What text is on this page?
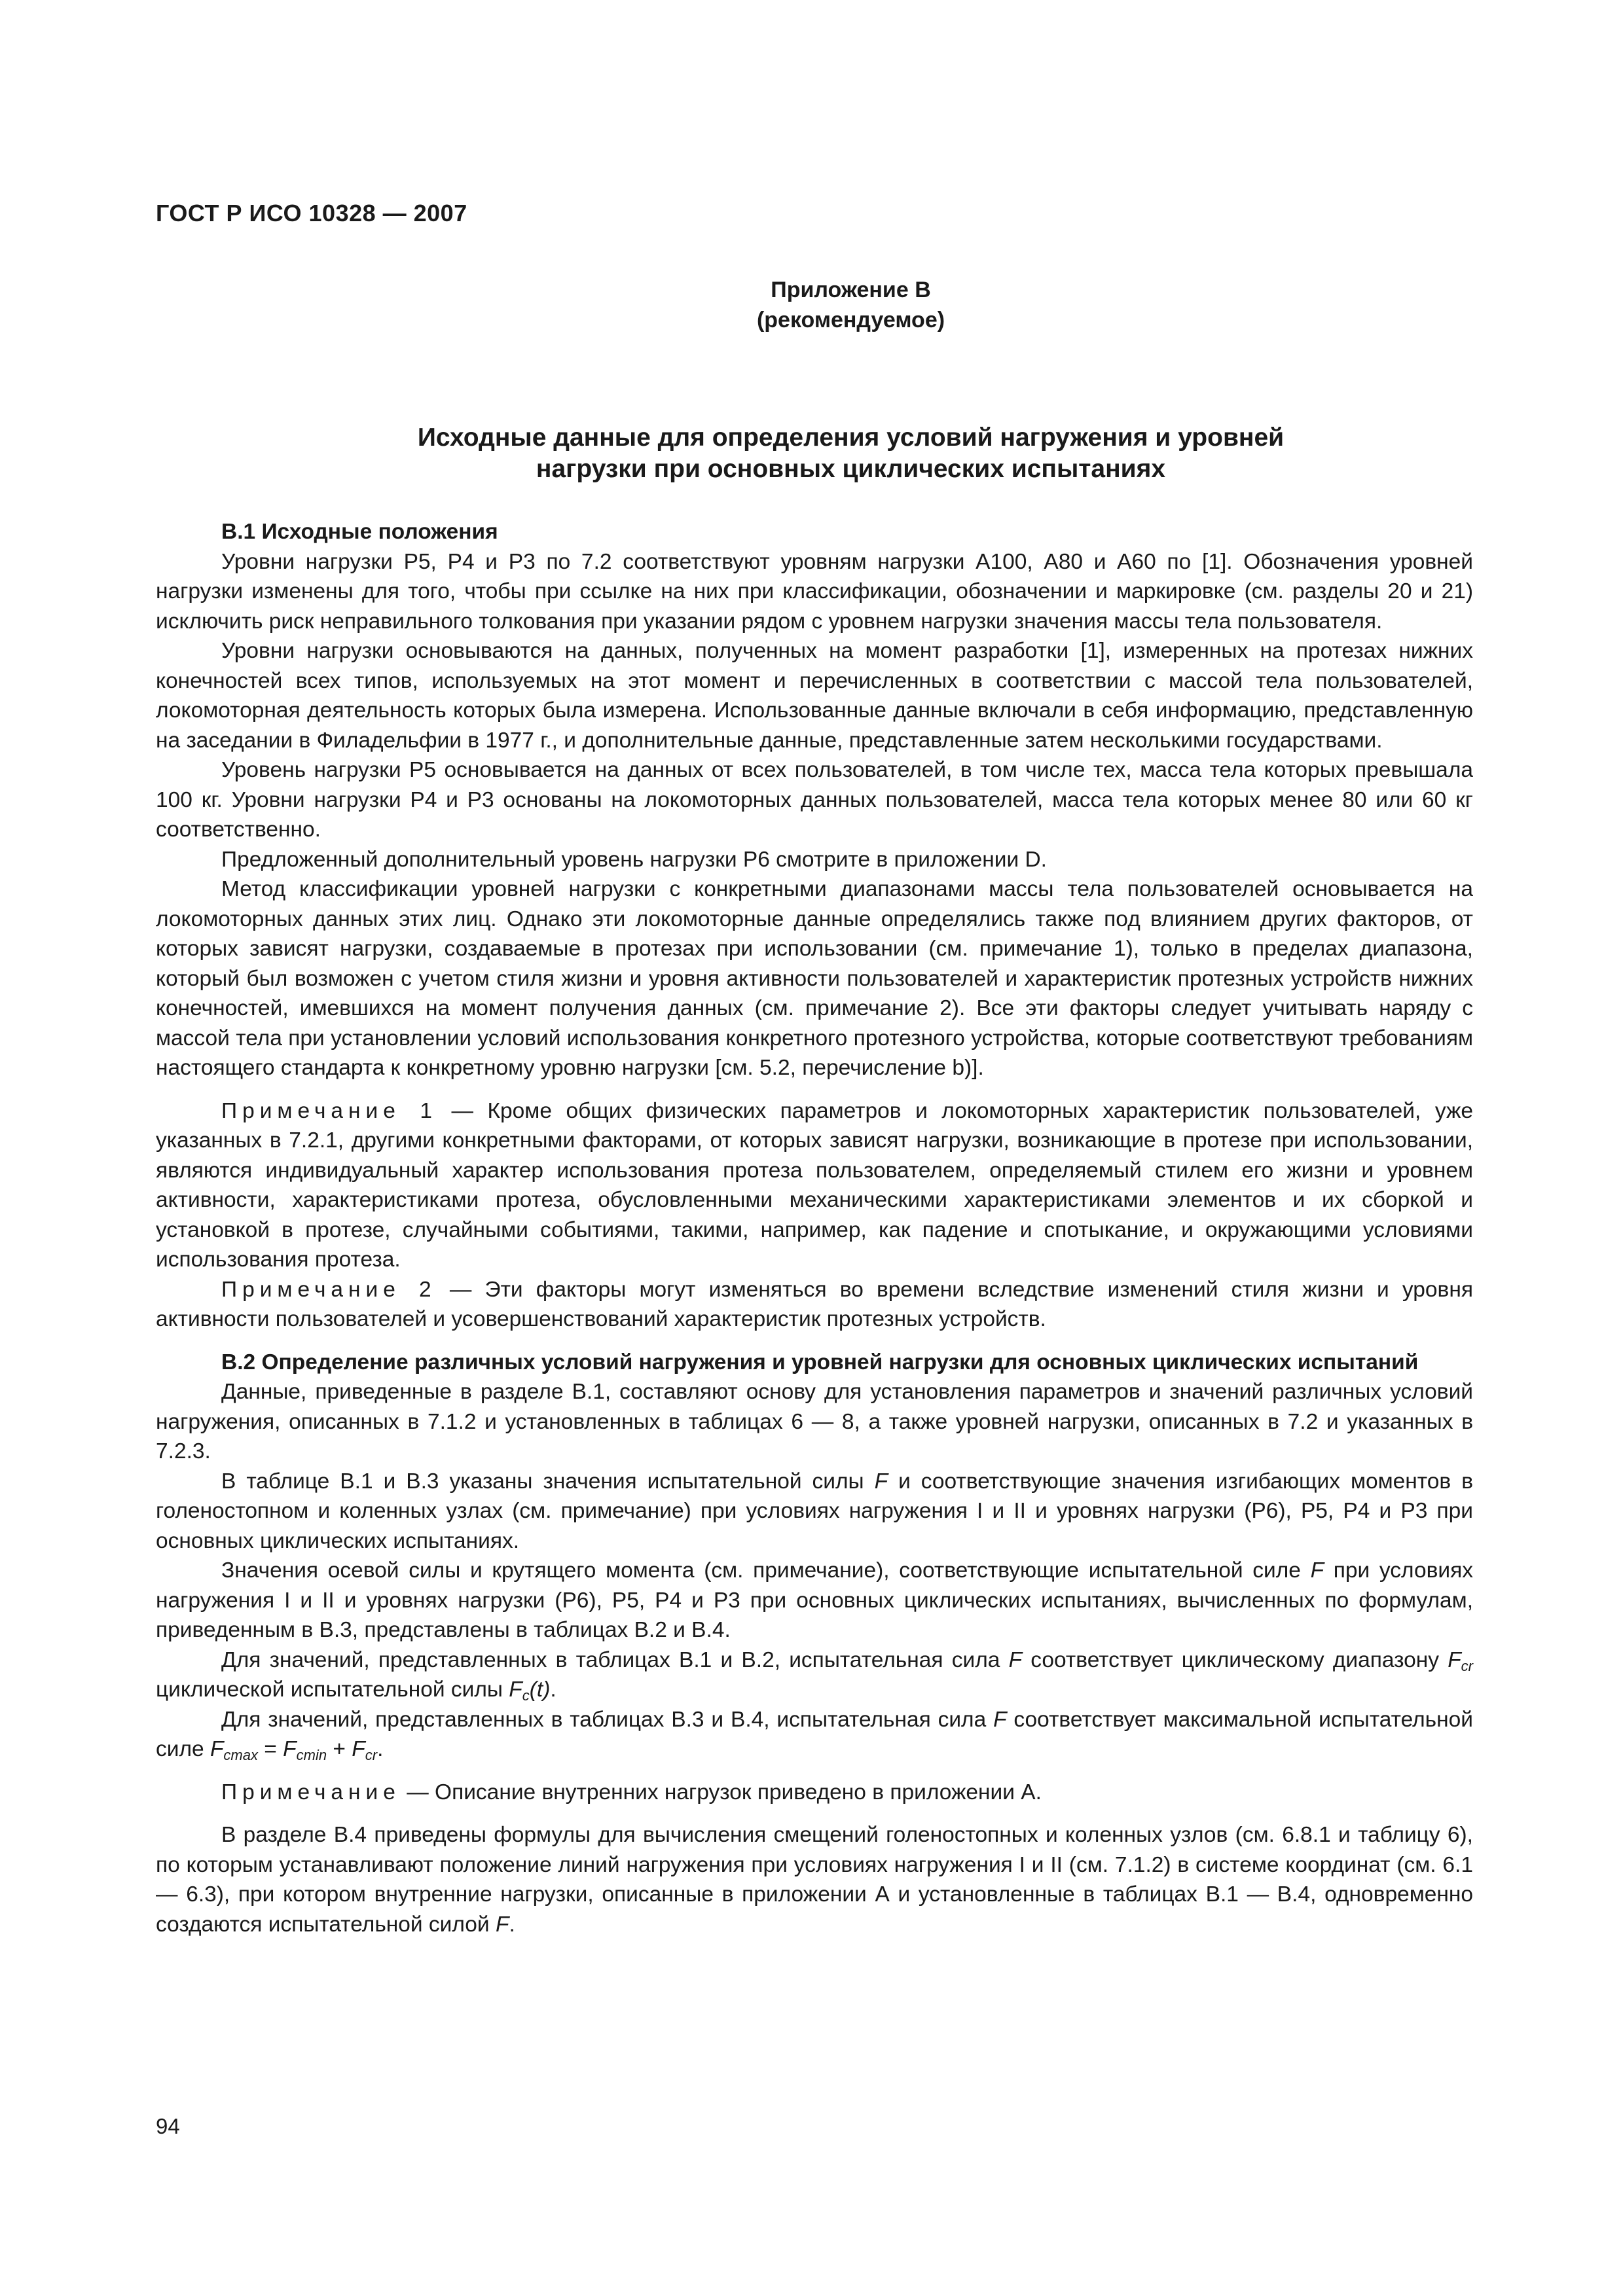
ГОСТ Р ИСО 10328 — 2007
Приложение В
(рекомендуемое)
Исходные данные для определения условий нагружения и уровней
нагрузки при основных циклических испытаниях
В.1 Исходные положения

Уровни нагрузки Р5, Р4 и Р3 по 7.2 соответствуют уровням нагрузки А100, А80 и А60 по [1]. Обозначения уровней нагрузки изменены для того, чтобы при ссылке на них при классификации, обозначении и маркировке (см. разделы 20 и 21) исключить риск неправильного толкования при указании рядом с уровнем нагрузки значения массы тела пользователя.

Уровни нагрузки основываются на данных, полученных на момент разработки [1], измеренных на протезах нижних конечностей всех типов, используемых на этот момент и перечисленных в соответствии с массой тела пользователей, локомоторная деятельность которых была измерена. Использованные данные включали в себя информацию, представленную на заседании в Филадельфии в 1977 г., и дополнительные данные, представленные затем несколькими государствами.

Уровень нагрузки Р5 основывается на данных от всех пользователей, в том числе тех, масса тела которых превышала 100 кг. Уровни нагрузки Р4 и Р3 основаны на локомоторных данных пользователей, масса тела которых менее 80 или 60 кг соответственно.

Предложенный дополнительный уровень нагрузки Р6 смотрите в приложении D.

Метод классификации уровней нагрузки с конкретными диапазонами массы тела пользователей основывается на локомоторных данных этих лиц. Однако эти локомоторные данные определялись также под влиянием других факторов, от которых зависят нагрузки, создаваемые в протезах при использовании (см. примечание 1), только в пределах диапазона, который был возможен с учетом стиля жизни и уровня активности пользователей и характеристик протезных устройств нижних конечностей, имевшихся на момент получения данных (см. примечание 2). Все эти факторы следует учитывать наряду с массой тела при установлении условий использования конкретного протезного устройства, которые соответствуют требованиям настоящего стандарта к конкретному уровню нагрузки [см. 5.2, перечисление b)].

Примечание 1 — Кроме общих физических параметров и локомоторных характеристик пользователей, уже указанных в 7.2.1, другими конкретными факторами, от которых зависят нагрузки, возникающие в протезе при использовании, являются индивидуальный характер использования протеза пользователем, определяемый стилем его жизни и уровнем активности, характеристиками протеза, обусловленными механическими характеристиками элементов и их сборкой и установкой в протезе, случайными событиями, такими, например, как падение и спотыкание, и окружающими условиями использования протеза.

Примечание 2 — Эти факторы могут изменяться во времени вследствие изменений стиля жизни и уровня активности пользователей и усовершенствований характеристик протезных устройств.

В.2 Определение различных условий нагружения и уровней нагрузки для основных циклических испытаний

Данные, приведенные в разделе В.1, составляют основу для установления параметров и значений различных условий нагружения, описанных в 7.1.2 и установленных в таблицах 6 — 8, а также уровней нагрузки, описанных в 7.2 и указанных в 7.2.3.

В таблице В.1 и В.3 указаны значения испытательной силы F и соответствующие значения изгибающих моментов в голеностопном и коленных узлах (см. примечание) при условиях нагружения I и II и уровнях нагрузки (Р6), Р5, Р4 и Р3 при основных циклических испытаниях.

Значения осевой силы и крутящего момента (см. примечание), соответствующие испытательной силе F при условиях нагружения I и II и уровнях нагрузки (Р6), Р5, Р4 и Р3 при основных циклических испытаниях, вычисленных по формулам, приведенным в В.3, представлены в таблицах В.2 и В.4.

Для значений, представленных в таблицах В.1 и В.2, испытательная сила F соответствует циклическому диапазону $F_{cr}$ циклической испытательной силы $F_c(t)$.

Для значений, представленных в таблицах В.3 и В.4, испытательная сила F соответствует максимальной испытательной силе $F_{cmax} = F_{cmin} + F_{cr}$.

Примечание — Описание внутренних нагрузок приведено в приложении А.

В разделе В.4 приведены формулы для вычисления смещений голеностопных и коленных узлов (см. 6.8.1 и таблицу 6), по которым устанавливают положение линий нагружения при условиях нагружения I и II (см. 7.1.2) в системе координат (см. 6.1 — 6.3), при котором внутренние нагрузки, описанные в приложении А и установленные в таблицах В.1 — В.4, одновременно создаются испытательной силой F.

94
